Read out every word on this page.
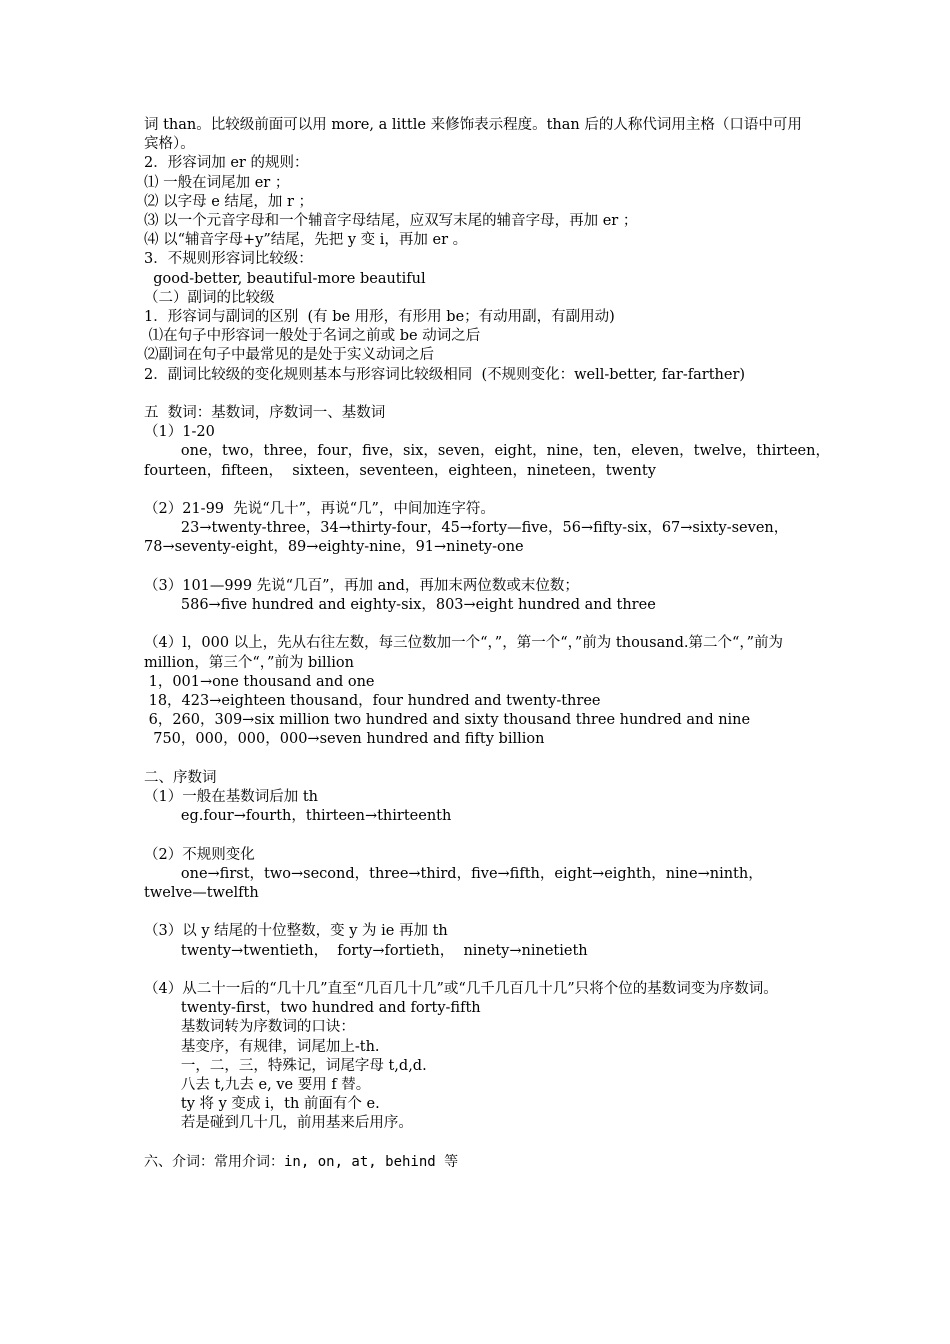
词 than。比较级前面可以用 more, a little 来修饰表示程度。than 后的人称代词用主格（口语中可用宾格）。
2．形容词加 er 的规则：
⑴ 一般在词尾加 er ；
⑵ 以字母 e 结尾，加 r ；
⑶ 以一个元音字母和一个辅音字母结尾，应双写末尾的辅音字母，再加 er ；
⑷ 以“辅音字母+y”结尾，先把 y 变 i，再加 er 。
3．不规则形容词比较级：
good-better, beautiful-more beautiful
（二）副词的比较级
1．形容词与副词的区别  (有 be 用形，有形用 be；有动用副，有副用动)
⑴在句子中形容词一般处于名词之前或 be 动词之后
⑵副词在句子中最常见的是处于实义动词之后
2．副词比较级的变化规则基本与形容词比较级相同  (不规则变化：well-better, far-farther)
五  数词：基数词，序数词一、基数词
（1）1-20
one，two，three，four，five，six，seven，eight，nine，ten，eleven，twelve，thirteen，
fourteen，fifteen，  sixteen，seventeen，eighteen，nineteen，twenty
（2）21-99  先说“几十”，再说“几”，中间加连字符。
23→twenty-three，34→thirty-four，45→forty—five，56→fifty-six，67→sixty-seven，
78→seventy-eight，89→eighty-nine，91→ninety-one
（3）101—999 先说“几百”，再加 and，再加末两位数或末位数；
586→five hundred and eighty-six，803→eight hundred and three
（4）l，000 以上，先从右往左数，每三位数加一个“，”，第一个“，”前为 thousand.第二个“，”前为 million，第三个“，”前为 billion
1，001→one thousand and one
18，423→eighteen thousand，four hundred and twenty-three
6，260，309→six million two hundred and sixty thousand three hundred and nine
750，000，000，000→seven hundred and fifty billion
二、序数词
（1）一般在基数词后加 th
eg.four→fourth，thirteen→thirteenth
（2）不规则变化
one→first，two→second，three→third，five→fifth，eight→eighth，nine→ninth，
twelve—twelfth
（3）以 y 结尾的十位整数，变 y 为 ie 再加 th
twenty→twentieth，  forty→fortieth，  ninety→ninetieth
（4）从二十一后的“几十几”直至“几百几十几”或“几千几百几十几”只将个位的基数词变为序数词。
twenty-first，two hundred and forty-fifth
基数词转为序数词的口诀：
基变序，有规律，词尾加上-th.
一，二，三，特殊记，词尾字母 t,d,d.
八去 t,九去 e, ve 要用 f 替。
ty 将 y 变成 i，th 前面有个 e.
若是碰到几十几，前用基来后用序。
六、介词：常用介词：in, on, at, behind 等
